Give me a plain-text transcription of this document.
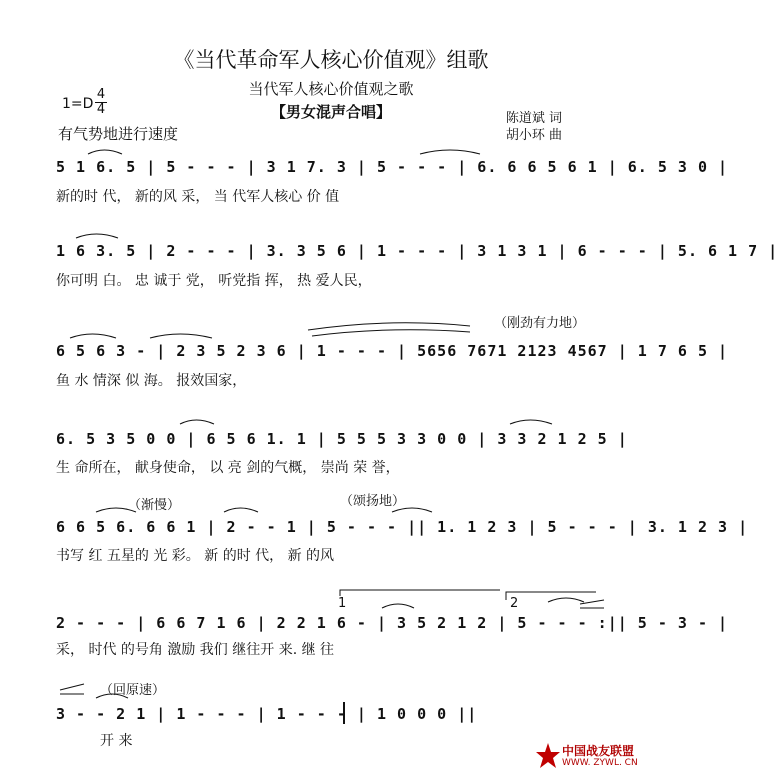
《当代革命军人核心价值观》组歌
当代军人核心价值观之歌
【男女混声合唱】
$1=D \frac{4}{4}$
有气势地进行速度
陈道斌 词
胡小环 曲
5 1 6. 5 | 5 - - - | 3 1 7. 3 | 5 - - - | 6. 6 6 5 6 1 | 6. 5 3 0 |
新的时 代， 新的风 采， 当 代军人核心 价 值
1 6 3. 5 | 2 - - - | 3. 3 5 6 | 1 - - - | 3 1 3 1 | 6 - - - | 5. 6 1 7 |
你可明 白。 忠 诚于 党， 听党指 挥， 热 爱人民，
（刚劲有力地）
6 5 6 3 - | 2 3 5 2 3 6 | 1 - - - | 5656 7671 2123 4567 | 1 7 6 5 |
鱼 水 情深 似 海。 报效国家，
6. 5 3 5 0 0 | 6 5 6 1. 1 | 5 5 5 3 3 0 0 | 3 3 2 1 2 5 |
生 命所在， 献身使命， 以 亮 剑的气概， 崇尚 荣 誉，
（渐慢）	（颂扬地）
6 6 5 6. 6 6 1 | 2 - - 1 | 5 - - - || 1. 1 2 3 | 5 - - - | 3. 1 2 3 |
书写 红 五星的 光 彩。 新 的时 代， 新 的风
1	2
2 - - - | 6 6 7 1 6 | 2 2 1 6 - | 3 5 2 1 2 | 5 - - - :|| 5 - 3 - |
采， 时代 的号角 激励 我们 继往开 来. 继 往
（回原速）
3 - - 2 1 | 1 - - - | 1 - - - | 1 0 0 0 ||
开 来
中国战友联盟
WWW. ZYWL. CN
